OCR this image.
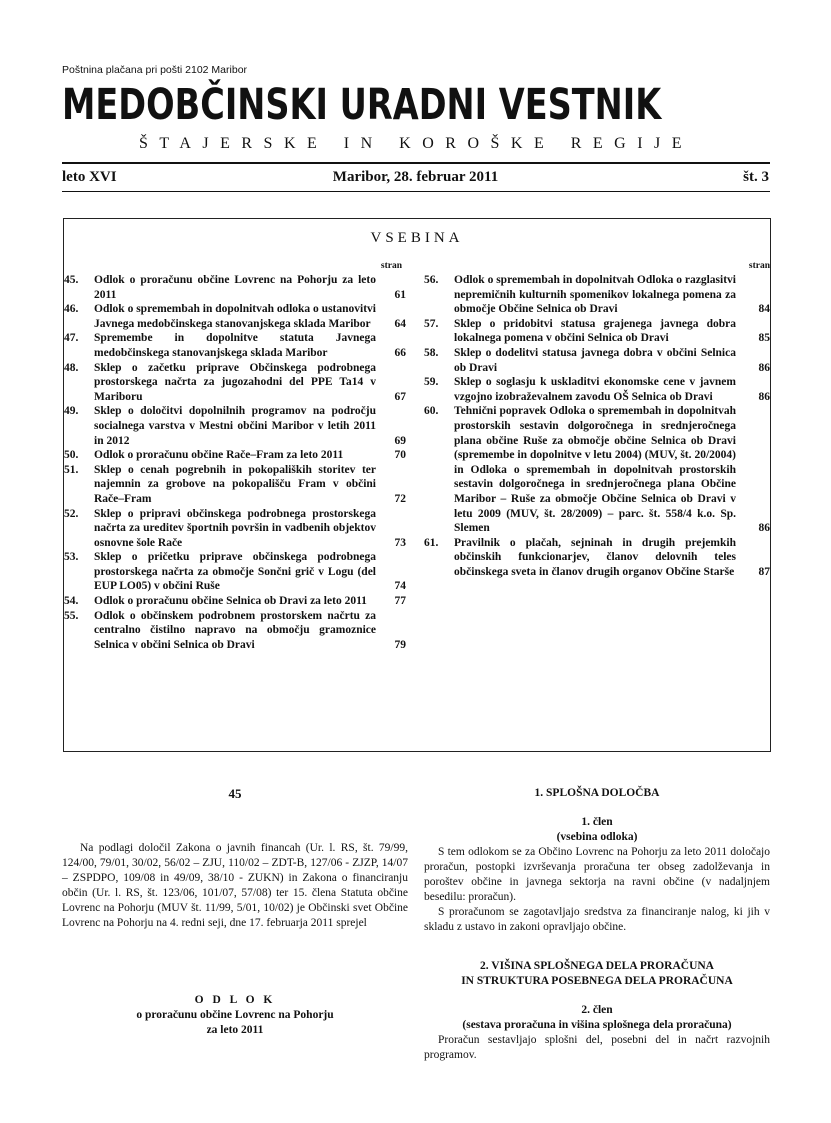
Poštnina plačana pri pošti 2102 Maribor
MEDOBČINSKI URADNI VESTNIK
ŠTAJERSKE IN KOROŠKE REGIJE
leto XVI	Maribor, 28. februar 2011	št. 3
VSEBINA
stran
45.	Odlok o proračunu občine Lovrenc na Pohorju za leto 2011	61
46.	Odlok o spremembah in dopolnitvah odloka o ustanovitvi Javnega medobčinskega stanovanjskega sklada Maribor	64
47.	Spremembe in dopolnitve statuta Javnega medobčinskega stanovanjskega sklada Maribor	66
48.	Sklep o začetku priprave Občinskega podrobnega prostorskega načrta za jugozahodni del PPE Ta14 v Mariboru	67
49.	Sklep o določitvi dopolnilnih programov na področju socialnega varstva v Mestni občini Maribor v letih 2011 in 2012	69
50.	Odlok o proračunu občine Rače–Fram za leto 2011	70
51.	Sklep o cenah pogrebnih in pokopaliških storitev ter najemnin za grobove na pokopališču Fram v občini Rače–Fram	72
52.	Sklep o pripravi občinskega podrobnega prostorskega načrta za ureditev športnih površin in vadbenih objektov osnovne šole Rače	73
53.	Sklep o pričetku priprave občinskega podrobnega prostorskega načrta za območje Sončni grič v Logu (del EUP LO05) v občini Ruše	74
54.	Odlok o proračunu občine Selnica ob Dravi za leto 2011	77
55.	Odlok o občinskem podrobnem prostorskem načrtu za centralno čistilno napravo na območju gramoznice Selnica v občini Selnica ob Dravi	79
stran
56.	Odlok o spremembah in dopolnitvah Odloka o razglasitvi nepremičnih kulturnih spomenikov lokalnega pomena za območje Občine Selnica ob Dravi	84
57.	Sklep o pridobitvi statusa grajenega javnega dobra lokalnega pomena v občini Selnica ob Dravi	85
58.	Sklep o dodelitvi statusa javnega dobra v občini Selnica ob Dravi	86
59.	Sklep o soglasju k uskladitvi ekonomske cene v javnem vzgojno izobraževalnem zavodu OŠ Selnica ob Dravi	86
60.	Tehnični popravek Odloka o spremembah in dopolnitvah prostorskih sestavin dolgoročnega in srednjeročnega plana občine Ruše za območje občine Selnica ob Dravi (spremembe in dopolnitve v letu 2004) (MUV, št. 20/2004) in Odloka o spremembah in dopolnitvah prostorskih sestavin dolgoročnega in srednjeročnega plana Občine Maribor – Ruše za območje Občine Selnica ob Dravi v letu 2009 (MUV, št. 28/2009) – parc. št. 558/4 k.o. Sp. Slemen	86
61.	Pravilnik o plačah, sejninah in drugih prejemkih občinskih funkcionarjev, članov delovnih teles občinskega sveta in članov drugih organov Občine Starše	87
45

Na podlagi določil Zakona o javnih financah (Ur. l. RS, št. 79/99, 124/00, 79/01, 30/02, 56/02 – ZJU, 110/02 – ZDT-B, 127/06 - ZJZP, 14/07 – ZSPDPO, 109/08 in 49/09, 38/10 - ZUKN) in Zakona o financiranju občin (Ur. l. RS, št. 123/06, 101/07, 57/08) ter 15. člena Statuta občine Lovrenc na Pohorju (MUV št. 11/99, 5/01, 10/02) je Občinski svet Občine Lovrenc na Pohorju na 4. redni seji, dne 17. februarja 2011 sprejel

O D L O K
o proračunu občine Lovrenc na Pohorju
za leto 2011
1. SPLOŠNA DOLOČBA
1. člen
(vsebina odloka)

S tem odlokom se za Občino Lovrenc na Pohorju za leto 2011 določajo proračun, postopki izvrševanja proračuna ter obseg zadolževanja in poroštev občine in javnega sektorja na ravni občine (v nadaljnjem besedilu: proračun).

S proračunom se zagotavljajo sredstva za financiranje nalog, ki jih v skladu z ustavo in zakoni opravljajo občine.

2. VIŠINA SPLOŠNEGA DELA PRORAČUNA
IN STRUKTURA POSEBNEGA DELA PRORAČUNA
2. člen
(sestava proračuna in višina splošnega dela proračuna)

Proračun sestavljajo splošni del, posebni del in načrt razvojnih programov.
